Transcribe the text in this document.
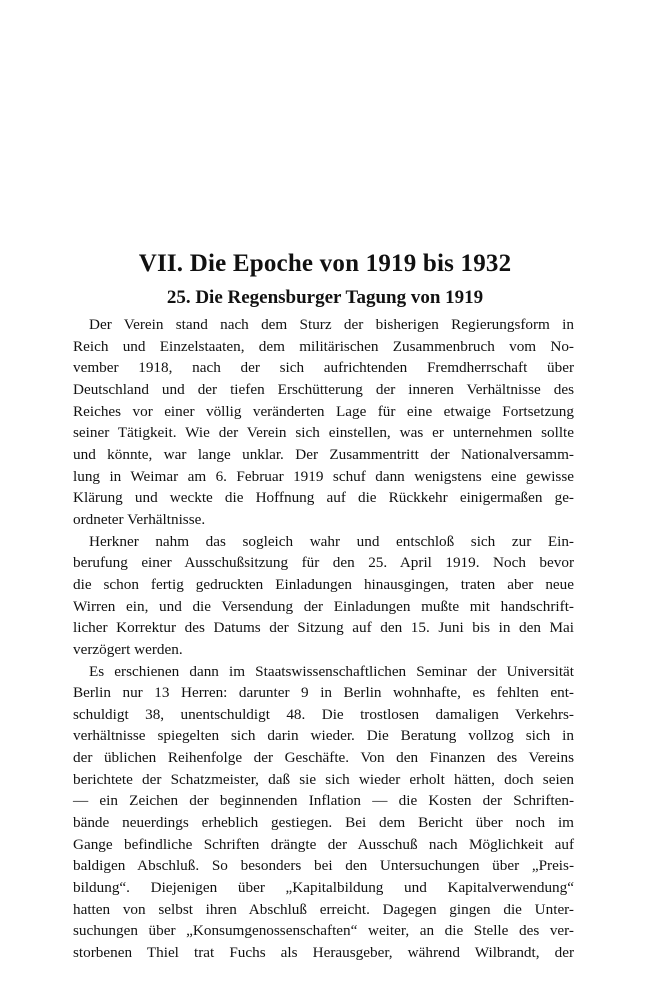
VII. Die Epoche von 1919 bis 1932
25. Die Regensburger Tagung von 1919
Der Verein stand nach dem Sturz der bisherigen Regierungsform in
Reich und Einzelstaaten, dem militärischen Zusammenbruch vom No-
vember 1918, nach der sich aufrichtenden Fremdherrschaft über
Deutschland und der tiefen Erschütterung der inneren Verhältnisse des
Reiches vor einer völlig veränderten Lage für eine etwaige Fortsetzung
seiner Tätigkeit. Wie der Verein sich einstellen, was er unternehmen sollte
und könnte, war lange unklar. Der Zusammentritt der Nationalversamm-
lung in Weimar am 6. Februar 1919 schuf dann wenigstens eine gewisse
Klärung und weckte die Hoffnung auf die Rückkehr einigermaßen ge-
ordneter Verhältnisse.
Herkner nahm das sogleich wahr und entschloß sich zur Ein-
berufung einer Ausschußsitzung für den 25. April 1919. Noch bevor
die schon fertig gedruckten Einladungen hinausgingen, traten aber neue
Wirren ein, und die Versendung der Einladungen mußte mit handschrift-
licher Korrektur des Datums der Sitzung auf den 15. Juni bis in den Mai
verzögert werden.
Es erschienen dann im Staatswissenschaftlichen Seminar der Universität
Berlin nur 13 Herren: darunter 9 in Berlin wohnhafte, es fehlten ent-
schuldigt 38, unentschuldigt 48. Die trostlosen damaligen Verkehrs-
verhältnisse spiegelten sich darin wieder. Die Beratung vollzog sich in
der üblichen Reihenfolge der Geschäfte. Von den Finanzen des Vereins
berichtete der Schatzmeister, daß sie sich wieder erholt hätten, doch seien
— ein Zeichen der beginnenden Inflation — die Kosten der Schriften-
bände neuerdings erheblich gestiegen. Bei dem Bericht über noch im
Gange befindliche Schriften drängte der Ausschuß nach Möglichkeit auf
baldigen Abschluß. So besonders bei den Untersuchungen über „Preis-
bildung“. Diejenigen über „Kapitalbildung und Kapitalverwendung“
hatten von selbst ihren Abschluß erreicht. Dagegen gingen die Unter-
suchungen über „Konsumgenossenschaften“ weiter, an die Stelle des ver-
storbenen Thiel trat Fuchs als Herausgeber, während Wilbrandt, der
